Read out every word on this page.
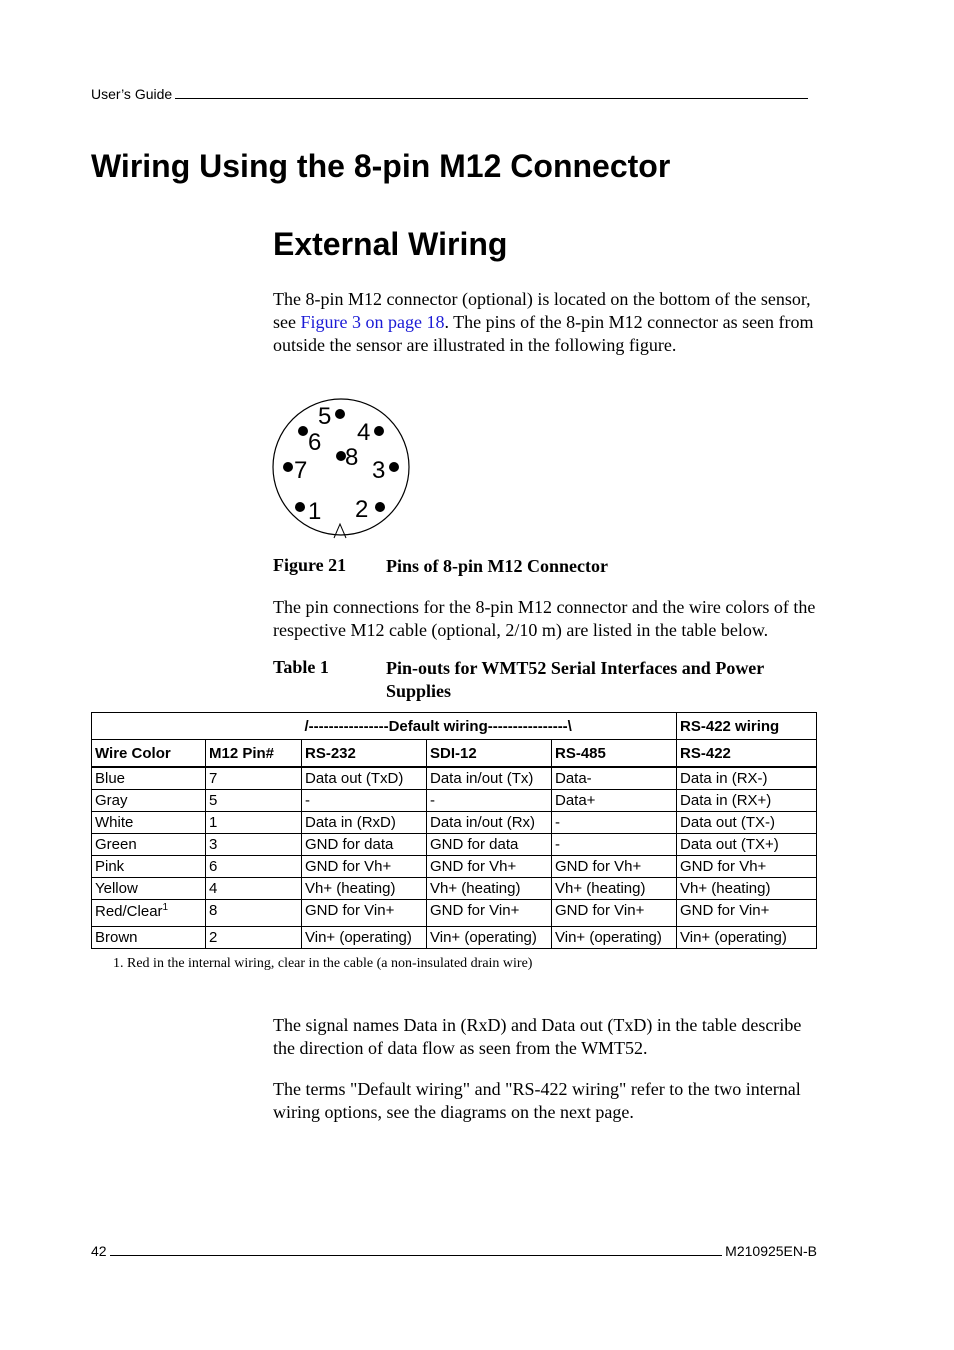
User’s Guide
Wiring Using the 8-pin M12 Connector
External Wiring

The 8-pin M12 connector (optional) is located on the bottom of the sensor, see Figure 3 on page 18. The pins of the 8-pin M12 connector as seen from outside the sensor are illustrated in the following figure.

5
4
6
8
7	3
1 2
Figure 21 Pins of 8-pin M12 Connector

The pin connections for the 8-pin M12 connector and the wire colors of the respective M12 cable (optional, 2/10 m) are listed in the table below.

Table 1	Pin-outs for WMT52 Serial Interfaces and Power Supplies
		/----------------Default wiring----------------\			RS-422 wiring
Wire Color	M12 Pin#	RS-232	SDI-12	RS-485	RS-422
Blue	7	Data out (TxD)	Data in/out (Tx)	Data-	Data in (RX-)
Gray	5	-	-	Data+	Data in (RX+)
White	1	Data in (RxD)	Data in/out (Rx)	-	Data out (TX-)
Green	3	GND for data	GND for data	-	Data out (TX+)
Pink	6	GND for Vh+	GND for Vh+	GND for Vh+	GND for Vh+
Yellow	4	Vh+ (heating)	Vh+ (heating)	Vh+ (heating)	Vh+ (heating)
Red/Clear$^1$	8	GND for Vin+	GND for Vin+	GND for Vin+	GND for Vin+
Brown	2	Vin+ (operating)	Vin+ (operating)	Vin+ (operating)	Vin+ (operating)
1. Red in the internal wiring, clear in the cable (a non-insulated drain wire)

The signal names Data in (RxD) and Data out (TxD) in the table describe the direction of data flow as seen from the WMT52.

The terms "Default wiring" and "RS-422 wiring" refer to the two internal wiring options, see the diagrams on the next page.

42	M210925EN-B
